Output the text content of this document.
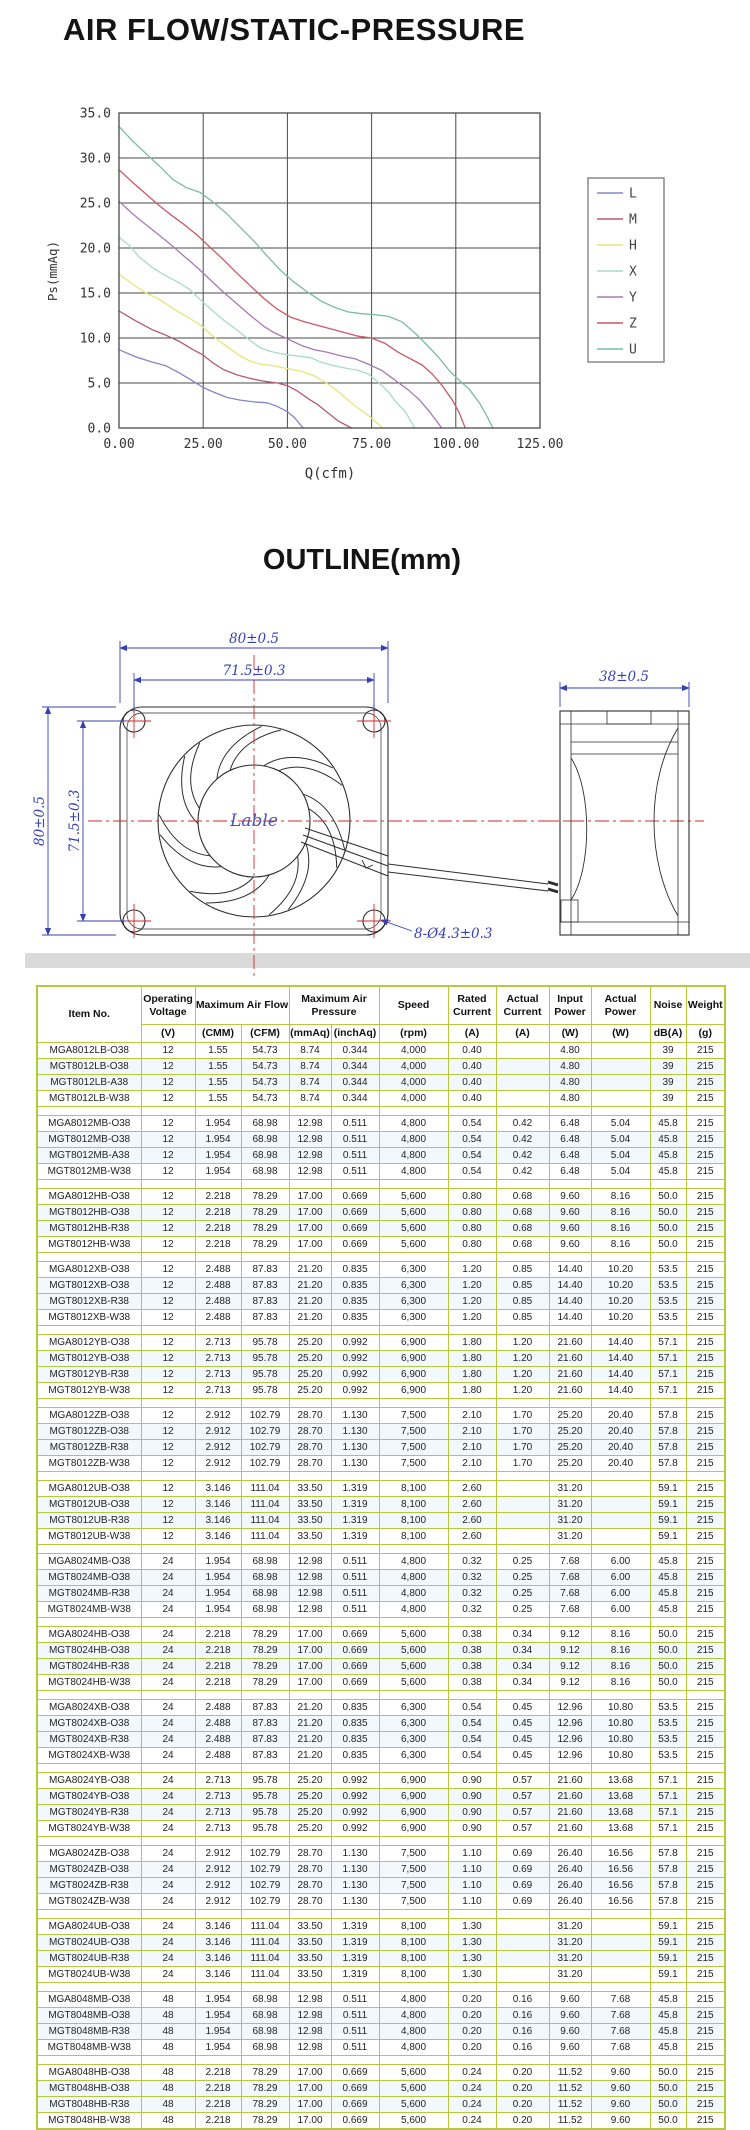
AIR FLOW/STATIC-PRESSURE
0.00	25.00	50.00	75.00	100.00	125.00
0.0
5.0
10.0
15.0
20.0
25.0
30.0
35.0
Q(cfm)
Ps(mmAq)
L
M
H
X
Y
Z
U
OUTLINE(mm)
80±0.5
71.5±0.3
80±0.5 71.5±0.3
38±0.5
8-Ø4.3±0.3
Lable
Item No.	Operating Voltage	Maximum Air Flow		Maximum Air Pressure		Speed	Rated Current	Actual Current	Input Power	Actual Power	Noise	Weight
	(V)	(CMM)	(CFM)	(mmAq)	(inchAq)	(rpm)	(A)	(A)	(W)	(W)	dB(A)	(g)
MGA8012LB-O38	12	1.55	54.73	8.74	0.344	4,000	0.40		4.80		39	215
MGT8012LB-O38	12	1.55	54.73	8.74	0.344	4,000	0.40		4.80		39	215
MGT8012LB-A38	12	1.55	54.73	8.74	0.344	4,000	0.40		4.80		39	215
MGT8012LB-W38	12	1.55	54.73	8.74	0.344	4,000	0.40		4.80		39	215

MGA8012MB-O38	12	1.954	68.98	12.98	0.511	4,800	0.54	0.42	6.48	5.04	45.8	215
MGT8012MB-O38	12	1.954	68.98	12.98	0.511	4,800	0.54	0.42	6.48	5.04	45.8	215
MGT8012MB-A38	12	1.954	68.98	12.98	0.511	4,800	0.54	0.42	6.48	5.04	45.8	215
MGT8012MB-W38	12	1.954	68.98	12.98	0.511	4,800	0.54	0.42	6.48	5.04	45.8	215

MGA8012HB-O38	12	2.218	78.29	17.00	0.669	5,600	0.80	0.68	9.60	8.16	50.0	215
MGT8012HB-O38	12	2.218	78.29	17.00	0.669	5,600	0.80	0.68	9.60	8.16	50.0	215
MGT8012HB-R38	12	2.218	78.29	17.00	0.669	5,600	0.80	0.68	9.60	8.16	50.0	215
MGT8012HB-W38	12	2.218	78.29	17.00	0.669	5,600	0.80	0.68	9.60	8.16	50.0	215

MGA8012XB-O38	12	2.488	87.83	21.20	0.835	6,300	1.20	0.85	14.40	10.20	53.5	215
MGT8012XB-O38	12	2.488	87.83	21.20	0.835	6,300	1.20	0.85	14.40	10.20	53.5	215
MGT8012XB-R38	12	2.488	87.83	21.20	0.835	6,300	1.20	0.85	14.40	10.20	53.5	215
MGT8012XB-W38	12	2.488	87.83	21.20	0.835	6,300	1.20	0.85	14.40	10.20	53.5	215

MGA8012YB-O38	12	2.713	95.78	25.20	0.992	6,900	1.80	1.20	21.60	14.40	57.1	215
MGT8012YB-O38	12	2.713	95.78	25.20	0.992	6,900	1.80	1.20	21.60	14.40	57.1	215
MGT8012YB-R38	12	2.713	95.78	25.20	0.992	6,900	1.80	1.20	21.60	14.40	57.1	215
MGT8012YB-W38	12	2.713	95.78	25.20	0.992	6,900	1.80	1.20	21.60	14.40	57.1	215

MGA8012ZB-O38	12	2.912	102.79	28.70	1.130	7,500	2.10	1.70	25.20	20.40	57.8	215
MGT8012ZB-O38	12	2.912	102.79	28.70	1.130	7,500	2.10	1.70	25.20	20.40	57.8	215
MGT8012ZB-R38	12	2.912	102.79	28.70	1.130	7,500	2.10	1.70	25.20	20.40	57.8	215
MGT8012ZB-W38	12	2.912	102.79	28.70	1.130	7,500	2.10	1.70	25.20	20.40	57.8	215

MGA8012UB-O38	12	3.146	111.04	33.50	1.319	8,100	2.60		31.20		59.1	215
MGT8012UB-O38	12	3.146	111.04	33.50	1.319	8,100	2.60		31.20		59.1	215
MGT8012UB-R38	12	3.146	111.04	33.50	1.319	8,100	2.60		31.20		59.1	215
MGT8012UB-W38	12	3.146	111.04	33.50	1.319	8,100	2.60		31.20		59.1	215

MGA8024MB-O38	24	1.954	68.98	12.98	0.511	4,800	0.32	0.25	7.68	6.00	45.8	215
MGT8024MB-O38	24	1.954	68.98	12.98	0.511	4,800	0.32	0.25	7.68	6.00	45.8	215
MGT8024MB-R38	24	1.954	68.98	12.98	0.511	4,800	0.32	0.25	7.68	6.00	45.8	215
MGT8024MB-W38	24	1.954	68.98	12.98	0.511	4,800	0.32	0.25	7.68	6.00	45.8	215

MGA8024HB-O38	24	2.218	78.29	17.00	0.669	5,600	0.38	0.34	9.12	8.16	50.0	215
MGT8024HB-O38	24	2.218	78.29	17.00	0.669	5,600	0.38	0.34	9.12	8.16	50.0	215
MGT8024HB-R38	24	2.218	78.29	17.00	0.669	5,600	0.38	0.34	9.12	8.16	50.0	215
MGT8024HB-W38	24	2.218	78.29	17.00	0.669	5,600	0.38	0.34	9.12	8.16	50.0	215

MGA8024XB-O38	24	2.488	87.83	21.20	0.835	6,300	0.54	0.45	12.96	10.80	53.5	215
MGT8024XB-O38	24	2.488	87.83	21.20	0.835	6,300	0.54	0.45	12.96	10.80	53.5	215
MGT8024XB-R38	24	2.488	87.83	21.20	0.835	6,300	0.54	0.45	12.96	10.80	53.5	215
MGT8024XB-W38	24	2.488	87.83	21.20	0.835	6,300	0.54	0.45	12.96	10.80	53.5	215

MGA8024YB-O38	24	2.713	95.78	25.20	0.992	6,900	0.90	0.57	21.60	13.68	57.1	215
MGT8024YB-O38	24	2.713	95.78	25.20	0.992	6,900	0.90	0.57	21.60	13.68	57.1	215
MGT8024YB-R38	24	2.713	95.78	25.20	0.992	6,900	0.90	0.57	21.60	13.68	57.1	215
MGT8024YB-W38	24	2.713	95.78	25.20	0.992	6,900	0.90	0.57	21.60	13.68	57.1	215

MGA8024ZB-O38	24	2.912	102.79	28.70	1.130	7,500	1.10	0.69	26.40	16.56	57.8	215
MGT8024ZB-O38	24	2.912	102.79	28.70	1.130	7,500	1.10	0.69	26.40	16.56	57.8	215
MGT8024ZB-R38	24	2.912	102.79	28.70	1.130	7,500	1.10	0.69	26.40	16.56	57.8	215
MGT8024ZB-W38	24	2.912	102.79	28.70	1.130	7,500	1.10	0.69	26.40	16.56	57.8	215

MGA8024UB-O38	24	3.146	111.04	33.50	1.319	8,100	1.30		31.20		59.1	215
MGT8024UB-O38	24	3.146	111.04	33.50	1.319	8,100	1.30		31.20		59.1	215
MGT8024UB-R38	24	3.146	111.04	33.50	1.319	8,100	1.30		31.20		59.1	215
MGT8024UB-W38	24	3.146	111.04	33.50	1.319	8,100	1.30		31.20		59.1	215

MGA8048MB-O38	48	1.954	68.98	12.98	0.511	4,800	0.20	0.16	9.60	7.68	45.8	215
MGT8048MB-O38	48	1.954	68.98	12.98	0.511	4,800	0.20	0.16	9.60	7.68	45.8	215
MGT8048MB-R38	48	1.954	68.98	12.98	0.511	4,800	0.20	0.16	9.60	7.68	45.8	215
MGT8048MB-W38	48	1.954	68.98	12.98	0.511	4,800	0.20	0.16	9.60	7.68	45.8	215

MGA8048HB-O38	48	2.218	78.29	17.00	0.669	5,600	0.24	0.20	11.52	9.60	50.0	215
MGT8048HB-O38	48	2.218	78.29	17.00	0.669	5,600	0.24	0.20	11.52	9.60	50.0	215
MGT8048HB-R38	48	2.218	78.29	17.00	0.669	5,600	0.24	0.20	11.52	9.60	50.0	215
MGT8048HB-W38	48	2.218	78.29	17.00	0.669	5,600	0.24	0.20	11.52	9.60	50.0	215
